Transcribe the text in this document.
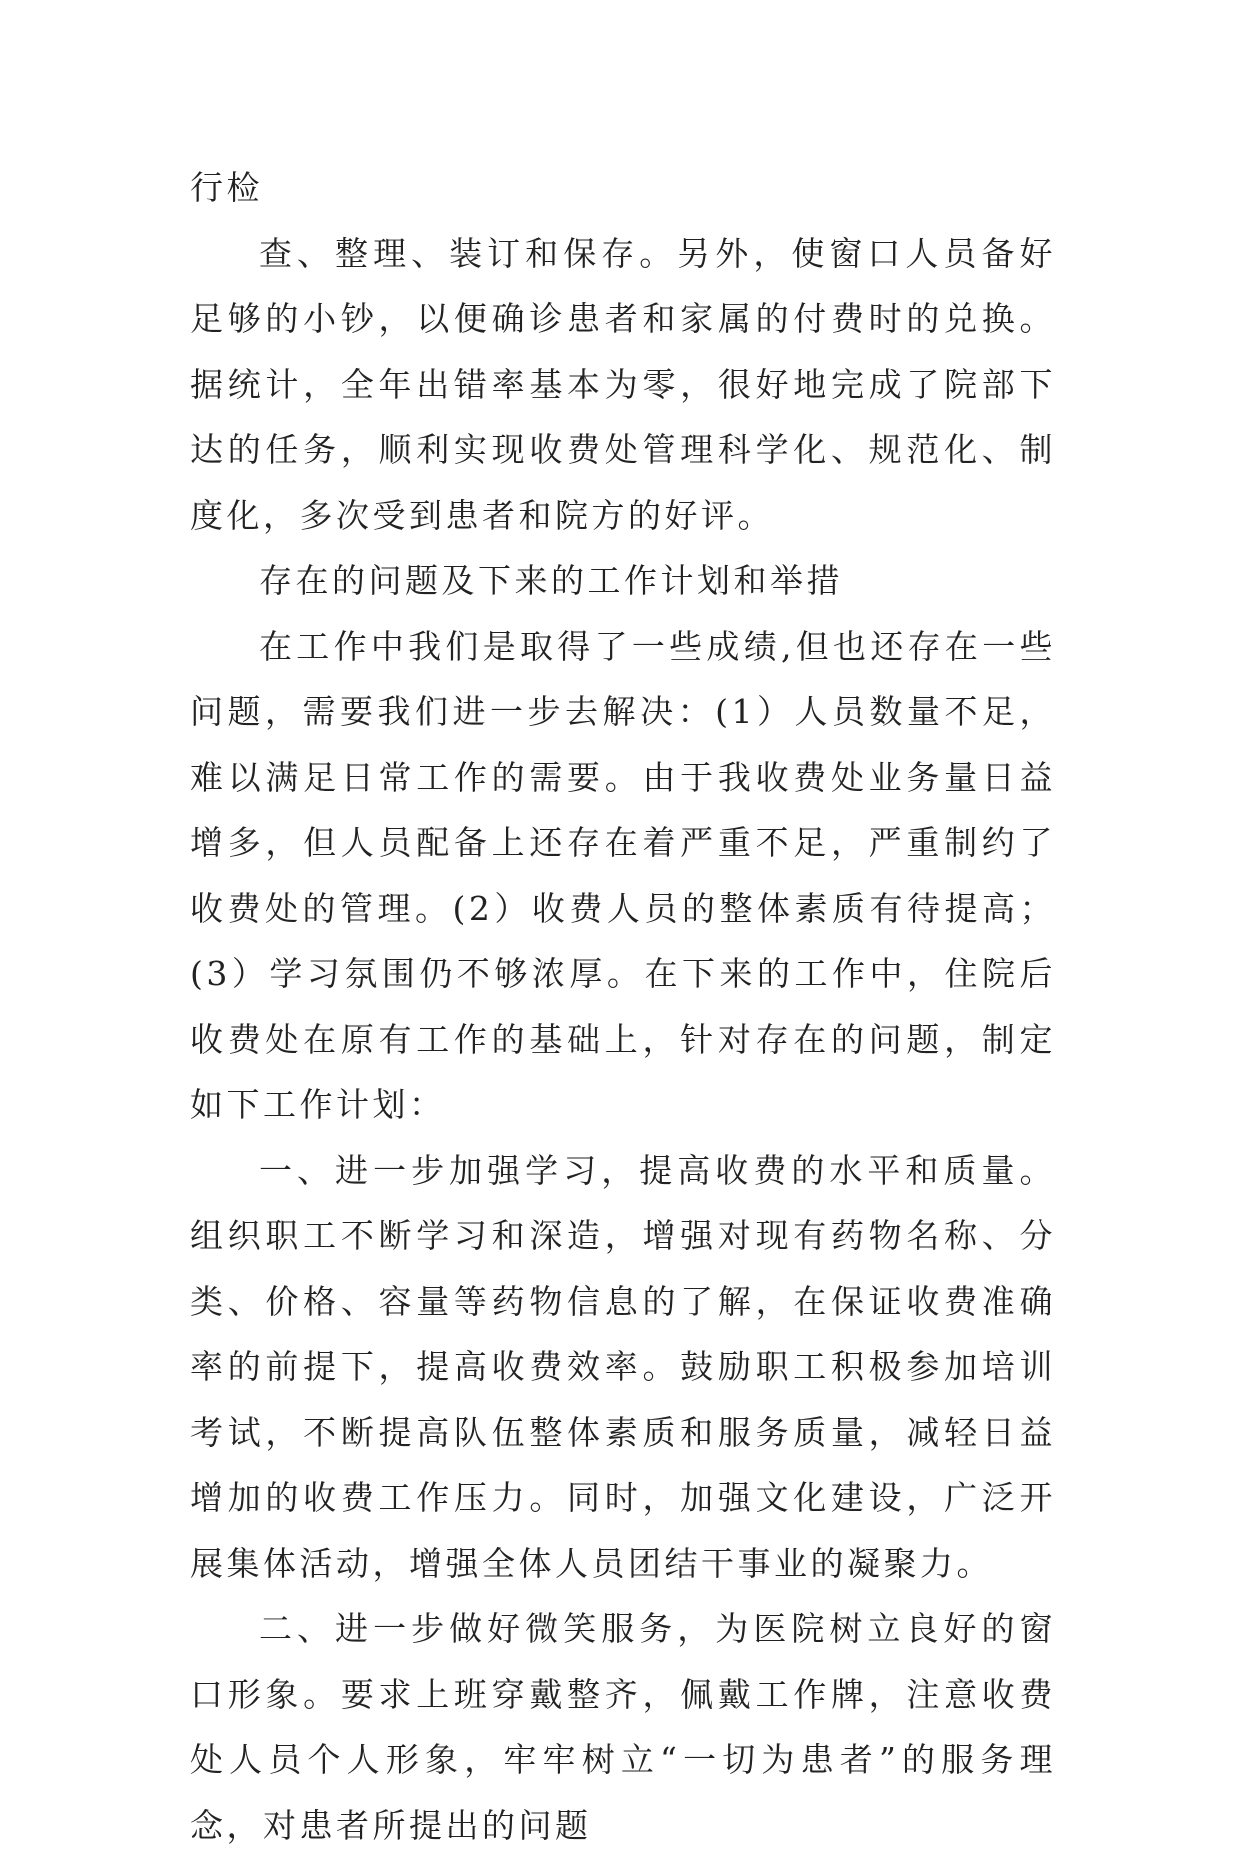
行检

查、整理、装订和保存。另外，使窗口人员备好足够的小钞，以便确诊患者和家属的付费时的兑换。据统计，全年出错率基本为零，很好地完成了院部下达的任务，顺利实现收费处管理科学化、规范化、制度化，多次受到患者和院方的好评。

存在的问题及下来的工作计划和举措

在工作中我们是取得了一些成绩,但也还存在一些问题，需要我们进一步去解决：(1）人员数量不足，难以满足日常工作的需要。由于我收费处业务量日益增多，但人员配备上还存在着严重不足，严重制约了收费处的管理。(2）收费人员的整体素质有待提高；(3）学习氛围仍不够浓厚。在下来的工作中，住院后收费处在原有工作的基础上，针对存在的问题，制定如下工作计划：

一、进一步加强学习，提高收费的水平和质量。组织职工不断学习和深造，增强对现有药物名称、分类、价格、容量等药物信息的了解，在保证收费准确率的前提下，提高收费效率。鼓励职工积极参加培训考试，不断提高队伍整体素质和服务质量，减轻日益增加的收费工作压力。同时，加强文化建设，广泛开展集体活动，增强全体人员团结干事业的凝聚力。

二、进一步做好微笑服务，为医院树立良好的窗口形象。要求上班穿戴整齐，佩戴工作牌，注意收费处人员个人形象，牢牢树立“一切为患者”的服务理念，对患者所提出的问题
